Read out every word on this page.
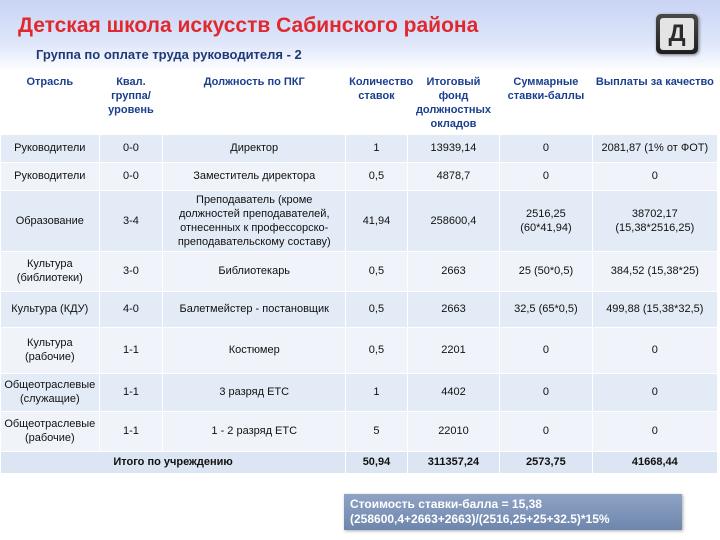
Детская школа искусств Сабинского района
Группа по оплате труда руководителя - 2
Д
Отрасль	Квал. группа/ уровень	Должность по ПКГ	Количество ставок	Итоговый фонд должностных окладов	Суммарные ставки-баллы	Выплаты за качество
Руководители	0-0	Директор	1	13939,14	0	2081,87 (1% от ФОТ)
Руководители	0-0	Заместитель директора	0,5	4878,7	0	0
Образование	3-4	Преподаватель (кроме должностей преподавателей, отнесенных к профессорско-преподавательскому составу)	41,94	258600,4	2516,25 (60*41,94)	38702,17 (15,38*2516,25)
Культура (библиотеки)	3-0	Библиотекарь	0,5	2663	25 (50*0,5)	384,52 (15,38*25)
Культура (КДУ)	4-0	Балетмейстер - постановщик	0,5	2663	32,5 (65*0,5)	499,88 (15,38*32,5)
Культура (рабочие)	1-1	Костюмер	0,5	2201	0	0
Общеотраслевые (служащие)	1-1	3 разряд ЕТС	1	4402	0	0
Общеотраслевые (рабочие)	1-1	1 - 2 разряд ЕТС	5	22010	0	0
Итого по учреждению			50,94	311357,24	2573,75	41668,44
Стоимость ставки-балла = 15,38
(258600,4+2663+2663)/(2516,25+25+32.5)*15%
